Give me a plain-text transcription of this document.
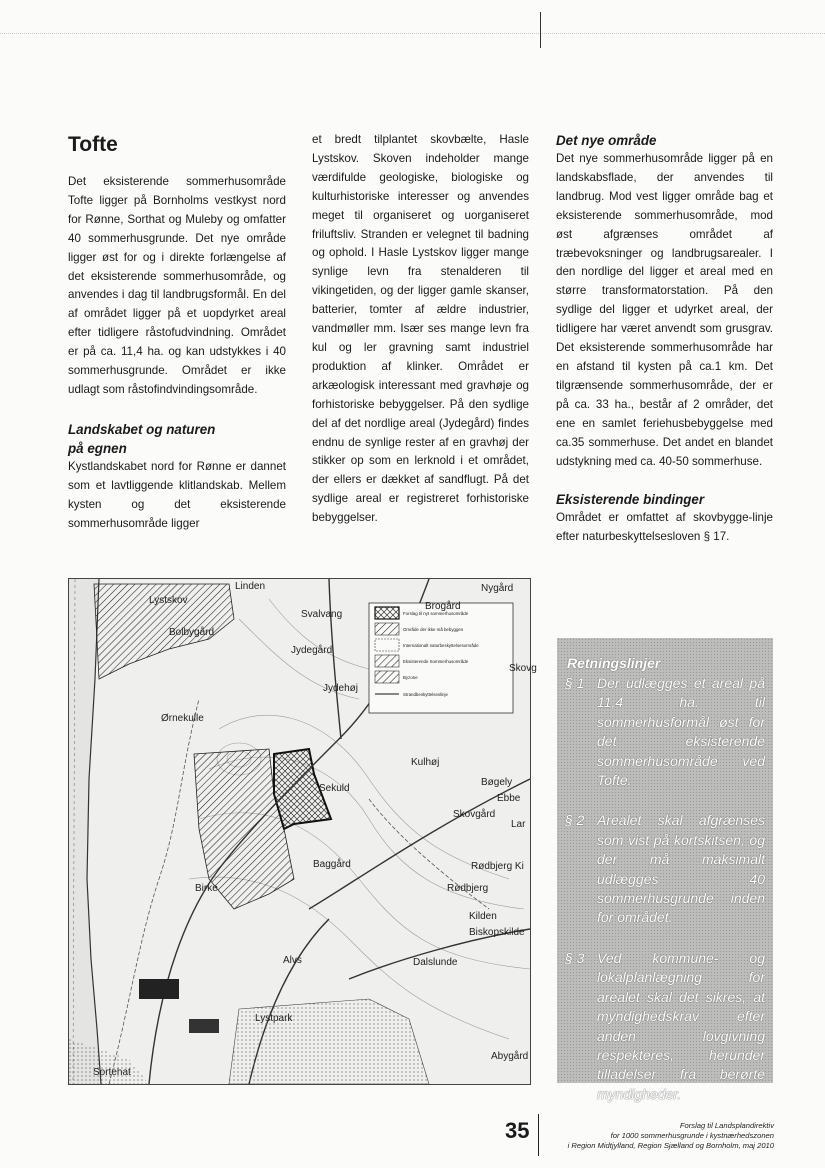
Tofte

Det eksisterende sommerhusområde Tofte ligger på Bornholms vestkyst nord for Rønne, Sorthat og Muleby og omfatter 40 sommerhusgrunde. Det nye område ligger øst for og i direkte forlængelse af det eksisterende sommerhusområde, og anvendes i dag til landbrugsformål. En del af området ligger på et uopdyrket areal efter tidligere råstofudvindning. Området er på ca. 11,4 ha. og kan udstykkes i 40 sommerhusgrunde. Området er ikke udlagt som råstofindvindingsområde.

Landskabet og naturen
på egnen

Kystlandskabet nord for Rønne er dannet som et lavtliggende klitlandskab. Mellem kysten og det eksisterende sommerhusområde ligger

et bredt tilplantet skovbælte, Hasle Lystskov. Skoven indeholder mange værdifulde geologiske, biologiske og kulturhistoriske interesser og anvendes meget til organiseret og uorganiseret friluftsliv. Stranden er velegnet til badning og ophold. I Hasle Lystskov ligger mange synlige levn fra stenalderen til vikingetiden, og der ligger gamle skanser, batterier, tomter af ældre industrier, vandmøller mm. Især ses mange levn fra kul og ler gravning samt industriel produktion af klinker. Området er arkæologisk interessant med gravhøje og forhistoriske bebyggelser. På den sydlige del af det nordlige areal (Jydegård) findes endnu de synlige rester af en gravhøj der stikker op som en lerknold i et området, der ellers er dækket af sandflugt. På det sydlige areal er registreret forhistoriske bebyggelser.

Det nye område

Det nye sommerhusområde ligger på en landskabsflade, der anvendes til landbrug. Mod vest ligger område bag et eksisterende sommerhusområde, mod øst afgrænses området af træbevoksninger og landbrugsarealer. I den nordlige del ligger et areal med en større transformatorstation. På den sydlige del ligger et udyrket areal, der tidligere har været anvendt som grusgrav. Det eksisterende sommerhusområde har en afstand til kysten på ca.1 km. Det tilgrænsende sommerhusområde, der er på ca. 33 ha., består af 2 områder, det ene en samlet feriehusbebyggelse med ca.35 sommerhuse. Det andet en blandet udstykning med ca. 40-50 sommerhuse.

Eksisterende bindinger

Området er omfattet af skovbygge-linje efter naturbeskyttelsesloven § 17.

Forslag til nyt sommerhusområde
Område der ikke må bebygges
Internationalt naturbeskyttelsesområde
Eksisterende Sommerhusområde
Byzone
Strandbeskyttelseslinje
Svalvang
Jydegård
Jydehøj
Ørnekulle
Kulhøj
Bøgely
Skovgård
Sekuld
Baggård	Rødbjerg Ki
Rødbjerg
Kilden
Biskopskilde
Birke
Dalslunde
Alvs
Sortehat
Abygård
Nygård
Bolbygård
Skovg
Lar
Ebbe
Brogård
Linden
Lystskov
Lystpark
Retningslinjer
§ 1 Der udlægges et areal på 11,4 ha. til sommerhusformål øst for det eksisterende sommerhusområde ved Tofte.
§ 2 Arealet skal afgrænses som vist på kortskitsen, og der må maksimalt udlægges 40 sommerhusgrunde inden for området.
§ 3 Ved kommune- og lokalplanlægning for arealet skal det sikres, at myndighedskrav efter anden lovgivning respekteres, herunder tilladelser fra berørte myndigheder.
35	Forslag til Landsplandirektiv
for 1000 sommerhusgrunde i kystnærhedszonen
i Region Midtjylland, Region Sjælland og Bornholm, maj 2010
